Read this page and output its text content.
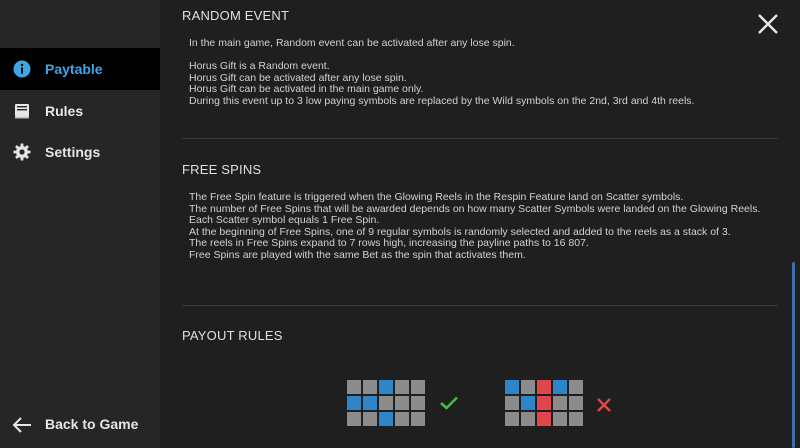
Paytable
Rules
Settings
Back to Game
RANDOM EVENT
In the main game, Random event can be activated after any lose spin.
Horus Gift is a Random event.
Horus Gift can be activated after any lose spin.
Horus Gift can be activated in the main game only.
During this event up to 3 low paying symbols are replaced by the Wild symbols on the 2nd, 3rd and 4th reels.
FREE SPINS
The Free Spin feature is triggered when the Glowing Reels in the Respin Feature land on Scatter symbols.
The number of Free Spins that will be awarded depends on how many Scatter Symbols were landed on the Glowing Reels.
Each Scatter symbol equals 1 Free Spin.
At the beginning of Free Spins, one of 9 regular symbols is randomly selected and added to the reels as a stack of 3.
The reels in Free Spins expand to 7 rows high, increasing the payline paths to 16 807.
Free Spins are played with the same Bet as the spin that activates them.
PAYOUT RULES
